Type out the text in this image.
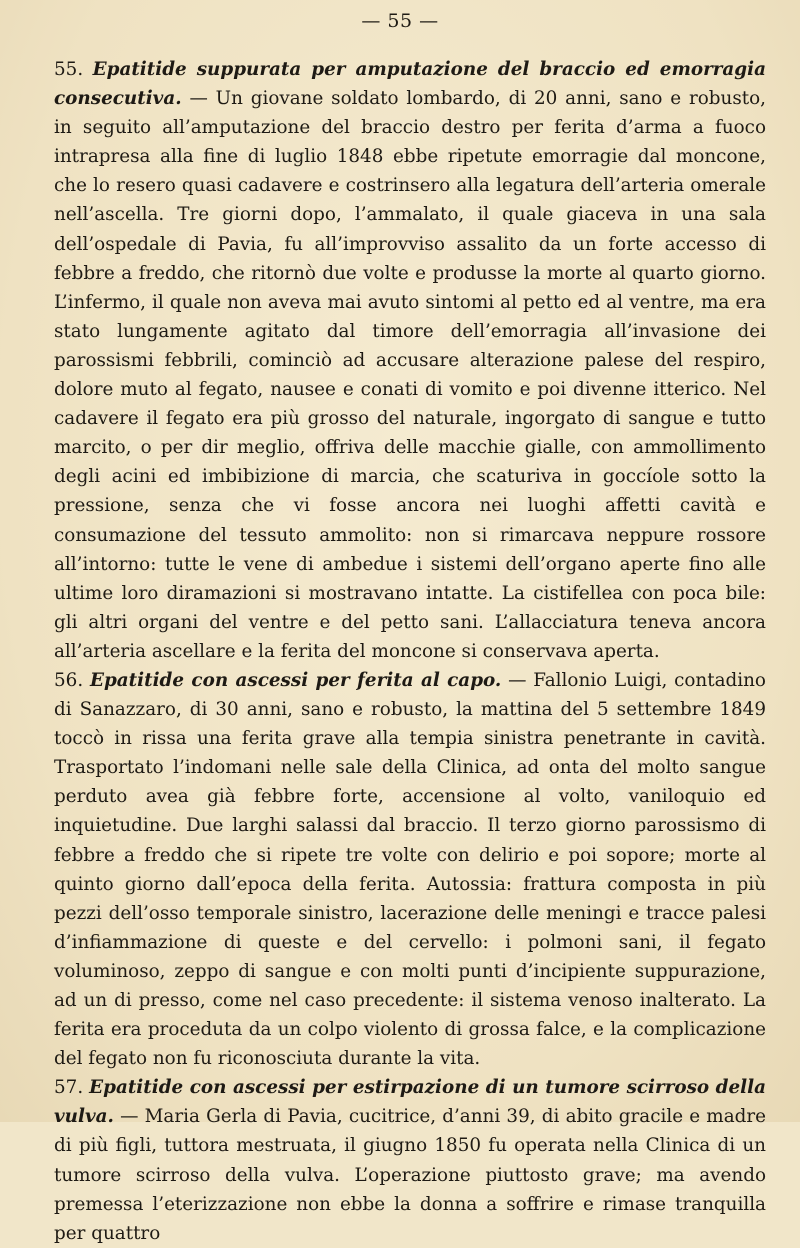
— 55 —

55. Epatitide suppurata per amputazione del braccio ed emorragia consecutiva. — Un giovane soldato lombardo, di 20 anni, sano e robusto, in seguito all’amputazione del braccio destro per ferita d’arma a fuoco intrapresa alla fine di luglio 1848 ebbe ripetute emorragie dal moncone, che lo resero quasi cadavere e costrinsero alla legatura dell’arteria omerale nell’ascella. Tre giorni dopo, l’ammalato, il quale giaceva in una sala dell’ospedale di Pavia, fu all’improvviso assalito da un forte accesso di febbre a freddo, che ritornò due volte e produsse la morte al quarto giorno. L’infermo, il quale non aveva mai avuto sintomi al petto ed al ventre, ma era stato lungamente agitato dal timore dell’emorragia all’invasione dei parossismi febbrili, cominciò ad accusare alterazione palese del respiro, dolore muto al fegato, nausee e conati di vomito e poi divenne itterico. Nel cadavere il fegato era più grosso del naturale, ingorgato di sangue e tutto marcito, o per dir meglio, offriva delle macchie gialle, con ammollimento degli acini ed imbibizione di marcia, che scaturiva in goccíole sotto la pressione, senza che vi fosse ancora nei luoghi affetti cavità e consumazione del tessuto ammolito: non si rimarcava neppure rossore all’intorno: tutte le vene di ambedue i sistemi dell’organo aperte fino alle ultime loro diramazioni si mostravano intatte. La cistifellea con poca bile: gli altri organi del ventre e del petto sani. L’allacciatura teneva ancora all’arteria ascellare e la ferita del moncone si conservava aperta.

56. Epatitide con ascessi per ferita al capo. — Fallonio Luigi, contadino di Sanazzaro, di 30 anni, sano e robusto, la mattina del 5 settembre 1849 toccò in rissa una ferita grave alla tempia sinistra penetrante in cavità. Trasportato l’indomani nelle sale della Clinica, ad onta del molto sangue perduto avea già febbre forte, accensione al volto, vaniloquio ed inquietudine. Due larghi salassi dal braccio. Il terzo giorno parossismo di febbre a freddo che si ripete tre volte con delirio e poi sopore; morte al quinto giorno dall’epoca della ferita. Autossia: frattura composta in più pezzi dell’osso temporale sinistro, lacerazione delle meningi e tracce palesi d’infiammazione di queste e del cervello: i polmoni sani, il fegato voluminoso, zeppo di sangue e con molti punti d’incipiente suppurazione, ad un di presso, come nel caso precedente: il sistema venoso inalterato. La ferita era proceduta da un colpo violento di grossa falce, e la complicazione del fegato non fu riconosciuta durante la vita.

57. Epatitide con ascessi per estirpazione di un tumore scirroso della vulva. — Maria Gerla di Pavia, cucitrice, d’anni 39, di abito gracile e madre di più figli, tuttora mestruata, il giugno 1850 fu operata nella Clinica di un tumore scirroso della vulva. L’operazione piuttosto grave; ma avendo premessa l’eterizzazione non ebbe la donna a soffrire e rimase tranquilla per quattro
